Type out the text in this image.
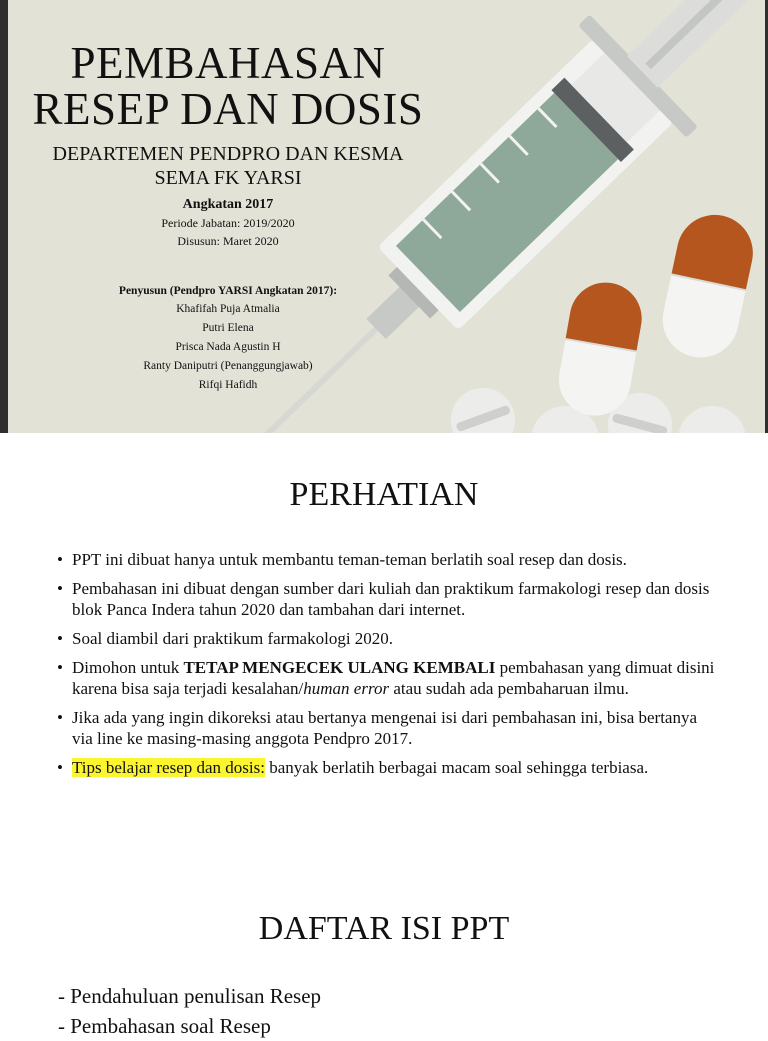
PEMBAHASAN
RESEP DAN DOSIS
DEPARTEMEN PENDPRO DAN KESMA
SEMA FK YARSI
Angkatan 2017
Periode Jabatan: 2019/2020
Disusun: Maret 2020
Penyusun (Pendpro YARSI Angkatan 2017):
Khafifah Puja Atmalia
Putri Elena
Prisca Nada Agustin H
Ranty Daniputri (Penanggungjawab)
Rifqi Hafidh
PERHATIAN
• PPT ini dibuat hanya untuk membantu teman-teman berlatih soal resep dan dosis.
• Pembahasan ini dibuat dengan sumber dari kuliah dan praktikum farmakologi resep dan dosis blok Panca Indera tahun 2020 dan tambahan dari internet.
• Soal diambil dari praktikum farmakologi 2020.
• Dimohon untuk TETAP MENGECEK ULANG KEMBALI pembahasan yang dimuat disini karena bisa saja terjadi kesalahan/human error atau sudah ada pembaharuan ilmu.
• Jika ada yang ingin dikoreksi atau bertanya mengenai isi dari pembahasan ini, bisa bertanya via line ke masing-masing anggota Pendpro 2017.
• Tips belajar resep dan dosis: banyak berlatih berbagai macam soal sehingga terbiasa.
DAFTAR ISI PPT
- Pendahuluan penulisan Resep
- Pembahasan soal Resep
